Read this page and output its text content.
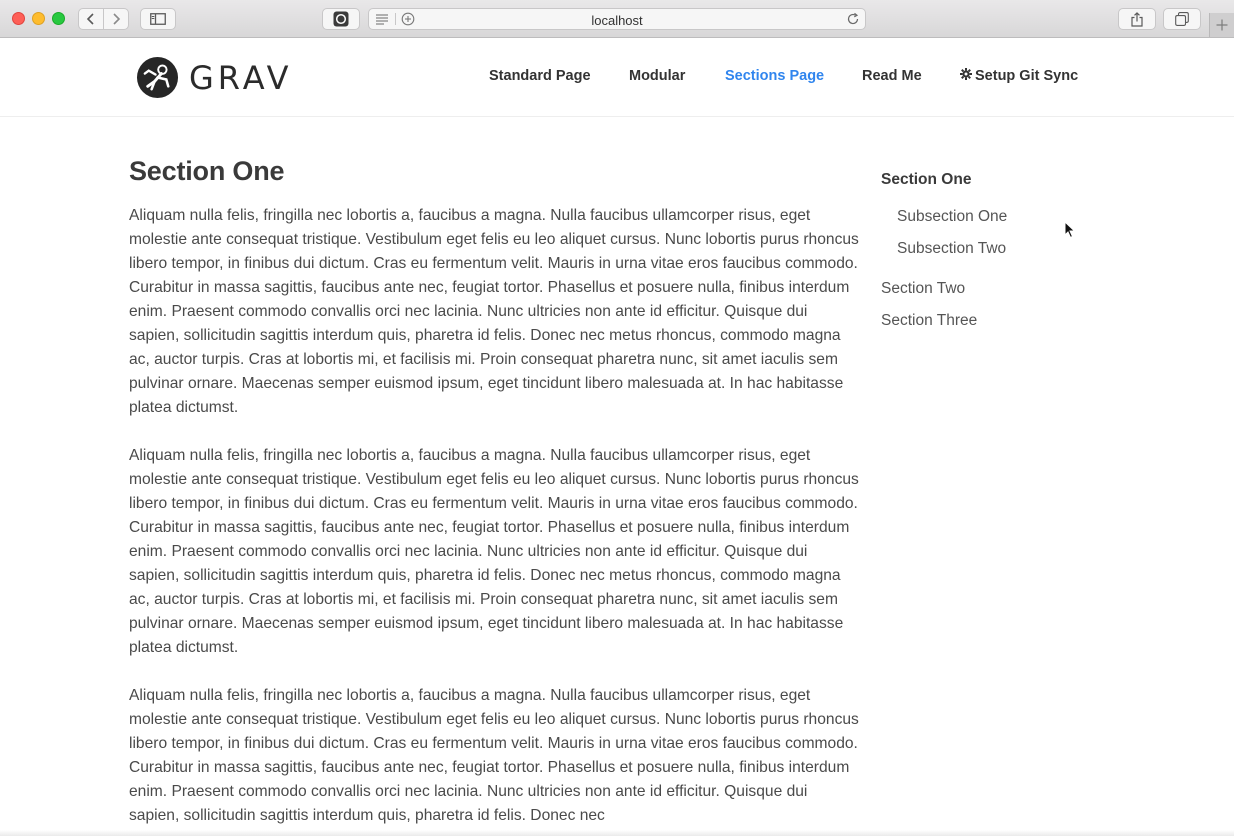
localhost
GRAV	Standard Page	Modular	Sections Page	Read Me	Setup Git Sync
Section One

Aliquam nulla felis, fringilla nec lobortis a, faucibus a magna. Nulla faucibus ullamcorper risus, eget molestie ante consequat tristique. Vestibulum eget felis eu leo aliquet cursus. Nunc lobortis purus rhoncus libero tempor, in finibus dui dictum. Cras eu fermentum velit. Mauris in urna vitae eros faucibus commodo. Curabitur in massa sagittis, faucibus ante nec, feugiat tortor. Phasellus et posuere nulla, finibus interdum enim. Praesent commodo convallis orci nec lacinia. Nunc ultricies non ante id efficitur. Quisque dui sapien, sollicitudin sagittis interdum quis, pharetra id felis. Donec nec metus rhoncus, commodo magna ac, auctor turpis. Cras at lobortis mi, et facilisis mi. Proin consequat pharetra nunc, sit amet iaculis sem pulvinar ornare. Maecenas semper euismod ipsum, eget tincidunt libero malesuada at. In hac habitasse platea dictumst.

Aliquam nulla felis, fringilla nec lobortis a, faucibus a magna. Nulla faucibus ullamcorper risus, eget molestie ante consequat tristique. Vestibulum eget felis eu leo aliquet cursus. Nunc lobortis purus rhoncus libero tempor, in finibus dui dictum. Cras eu fermentum velit. Mauris in urna vitae eros faucibus commodo. Curabitur in massa sagittis, faucibus ante nec, feugiat tortor. Phasellus et posuere nulla, finibus interdum enim. Praesent commodo convallis orci nec lacinia. Nunc ultricies non ante id efficitur. Quisque dui sapien, sollicitudin sagittis interdum quis, pharetra id felis. Donec nec metus rhoncus, commodo magna ac, auctor turpis. Cras at lobortis mi, et facilisis mi. Proin consequat pharetra nunc, sit amet iaculis sem pulvinar ornare. Maecenas semper euismod ipsum, eget tincidunt libero malesuada at. In hac habitasse platea dictumst.

Aliquam nulla felis, fringilla nec lobortis a, faucibus a magna. Nulla faucibus ullamcorper risus, eget molestie ante consequat tristique. Vestibulum eget felis eu leo aliquet cursus. Nunc lobortis purus rhoncus libero tempor, in finibus dui dictum. Cras eu fermentum velit. Mauris in urna vitae eros faucibus commodo. Curabitur in massa sagittis, faucibus ante nec, feugiat tortor. Phasellus et posuere nulla, finibus interdum enim. Praesent commodo convallis orci nec lacinia. Nunc ultricies non ante id efficitur. Quisque dui sapien, sollicitudin sagittis interdum quis, pharetra id felis. Donec nec

Section One
Subsection One
Subsection Two
Section Two
Section Three
